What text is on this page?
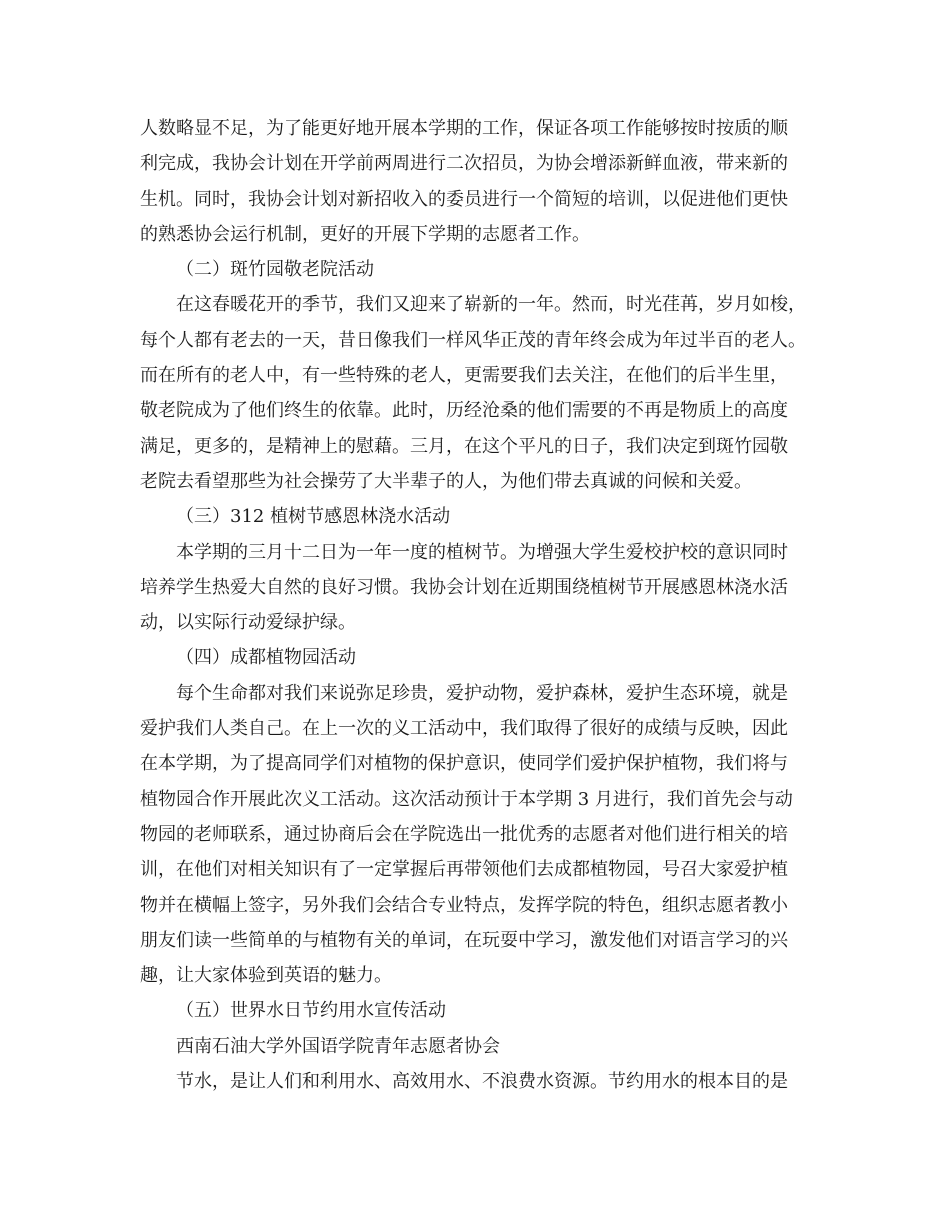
人数略显不足，为了能更好地开展本学期的工作，保证各项工作能够按时按质的顺
利完成，我协会计划在开学前两周进行二次招员，为协会增添新鲜血液，带来新的
生机。同时，我协会计划对新招收入的委员进行一个简短的培训，以促进他们更快
的熟悉协会运行机制，更好的开展下学期的志愿者工作。
（二）斑竹园敬老院活动
在这春暖花开的季节，我们又迎来了崭新的一年。然而，时光荏苒，岁月如梭，
每个人都有老去的一天，昔日像我们一样风华正茂的青年终会成为年过半百的老人。
而在所有的老人中，有一些特殊的老人，更需要我们去关注，在他们的后半生里，
敬老院成为了他们终生的依靠。此时，历经沧桑的他们需要的不再是物质上的高度
满足，更多的，是精神上的慰藉。三月，在这个平凡的日子，我们决定到斑竹园敬
老院去看望那些为社会操劳了大半辈子的人，为他们带去真诚的问候和关爱。
（三）312 植树节感恩林浇水活动
本学期的三月十二日为一年一度的植树节。为增强大学生爱校护校的意识同时
培养学生热爱大自然的良好习惯。我协会计划在近期围绕植树节开展感恩林浇水活
动，以实际行动爱绿护绿。
（四）成都植物园活动
每个生命都对我们来说弥足珍贵，爱护动物，爱护森林，爱护生态环境，就是
爱护我们人类自己。在上一次的义工活动中，我们取得了很好的成绩与反映，因此
在本学期，为了提高同学们对植物的保护意识，使同学们爱护保护植物，我们将与
植物园合作开展此次义工活动。这次活动预计于本学期 3 月进行，我们首先会与动
物园的老师联系，通过协商后会在学院选出一批优秀的志愿者对他们进行相关的培
训，在他们对相关知识有了一定掌握后再带领他们去成都植物园，号召大家爱护植
物并在横幅上签字，另外我们会结合专业特点，发挥学院的特色，组织志愿者教小
朋友们读一些简单的与植物有关的单词，在玩耍中学习，激发他们对语言学习的兴
趣，让大家体验到英语的魅力。
（五）世界水日节约用水宣传活动
西南石油大学外国语学院青年志愿者协会
节水，是让人们和利用水、高效用水、不浪费水资源。节约用水的根本目的是
